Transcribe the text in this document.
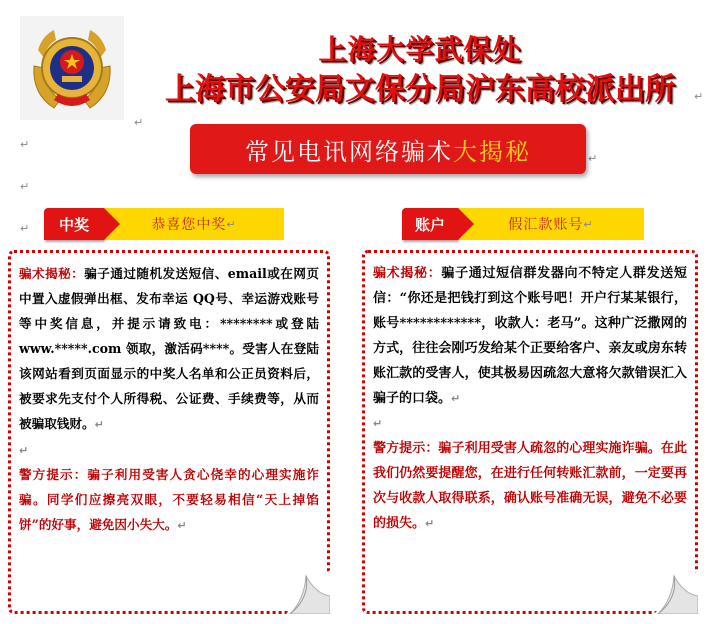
上海大学武保处
上海市公安局文保分局沪东高校派出所	↵
↵
↵
↵
↵
↵
常见电讯网络骗术 大揭秘
中奖	恭喜您中奖 ↵	账户	假汇款账号 ↵
骗术揭秘：骗子通过随机发送短信、email或在网页中置入虚假弹出框、发布幸运 QQ号、幸运游戏账号等中奖信息，并提示请致电：********或登陆 www.*****.com 领取，激活码****。受害人在登陆该网站看到页面显示的中奖人名单和公正员资料后，被要求先支付个人所得税、公证费、手续费等，从而被骗取钱财。↵
↵
警方提示：骗子利用受害人贪心侥幸的心理实施诈骗。同学们应擦亮双眼，不要轻易相信“天上掉馅饼”的好事，避免因小失大。↵
骗术揭秘：骗子通过短信群发器向不特定人群发送短信：“你还是把钱打到这个账号吧！开户行某某银行，账号************，收款人：老马”。这种广泛撒网的方式，往往会刚巧发给某个正要给客户、亲友或房东转账汇款的受害人，使其极易因疏忽大意将欠款错误汇入骗子的口袋。↵
↵
警方提示：骗子利用受害人疏忽的心理实施诈骗。在此我们仍然要提醒您，在进行任何转账汇款前，一定要再次与收款人取得联系，确认账号准确无误，避免不必要的损失。↵
